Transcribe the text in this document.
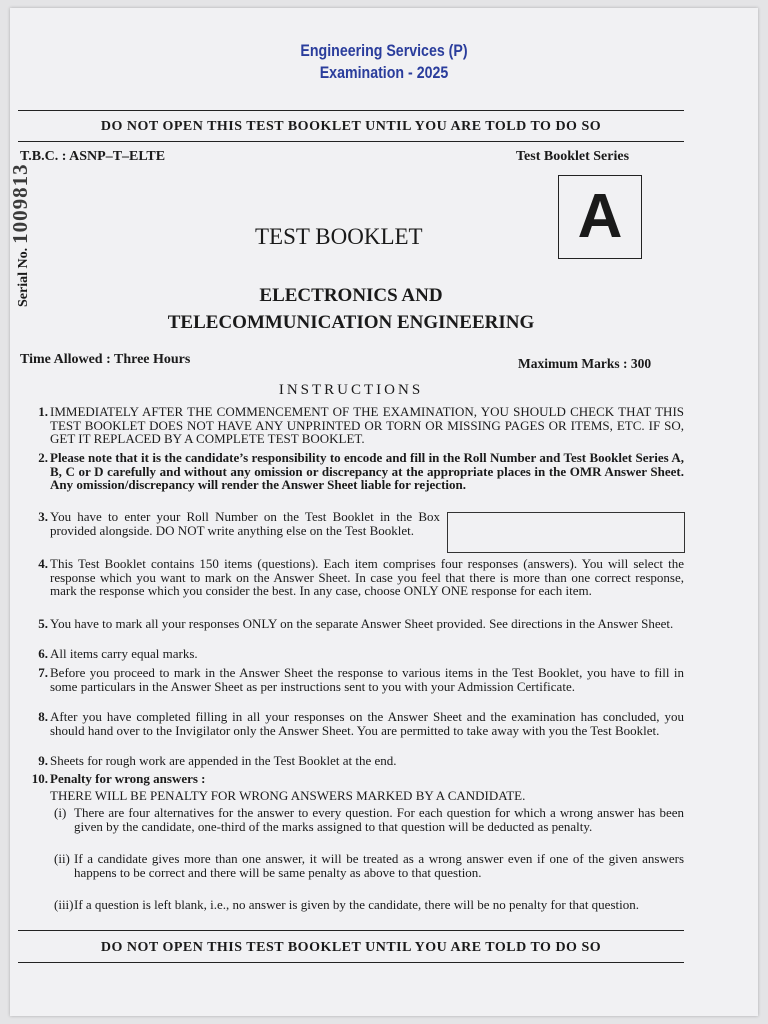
Engineering Services (P)
Examination - 2025
DO NOT OPEN THIS TEST BOOKLET UNTIL YOU ARE TOLD TO DO SO
T.B.C. : ASNP–T–ELTE	Test Booklet Series
A
Serial No. 1009813	TEST BOOKLET
ELECTRONICS AND
TELECOMMUNICATION ENGINEERING
Time Allowed : Three Hours	Maximum Marks : 300
INSTRUCTIONS
1. IMMEDIATELY AFTER THE COMMENCEMENT OF THE EXAMINATION, YOU SHOULD CHECK THAT THIS TEST BOOKLET DOES NOT HAVE ANY UNPRINTED OR TORN OR MISSING PAGES OR ITEMS, ETC. IF SO, GET IT REPLACED BY A COMPLETE TEST BOOKLET.
2. Please note that it is the candidate’s responsibility to encode and fill in the Roll Number and Test Booklet Series A, B, C or D carefully and without any omission or discrepancy at the appropriate places in the OMR Answer Sheet. Any omission/discrepancy will render the Answer Sheet liable for rejection.
3. You have to enter your Roll Number on the Test Booklet in the Box provided alongside. DO NOT write anything else on the Test Booklet.
4. This Test Booklet contains 150 items (questions). Each item comprises four responses (answers). You will select the response which you want to mark on the Answer Sheet. In case you feel that there is more than one correct response, mark the response which you consider the best. In any case, choose ONLY ONE response for each item.
5. You have to mark all your responses ONLY on the separate Answer Sheet provided. See directions in the Answer Sheet.
6. All items carry equal marks.
7. Before you proceed to mark in the Answer Sheet the response to various items in the Test Booklet, you have to fill in some particulars in the Answer Sheet as per instructions sent to you with your Admission Certificate.
8. After you have completed filling in all your responses on the Answer Sheet and the examination has concluded, you should hand over to the Invigilator only the Answer Sheet. You are permitted to take away with you the Test Booklet.
9. Sheets for rough work are appended in the Test Booklet at the end.
10. Penalty for wrong answers :
THERE WILL BE PENALTY FOR WRONG ANSWERS MARKED BY A CANDIDATE.
(i) There are four alternatives for the answer to every question. For each question for which a wrong answer has been given by the candidate, one-third of the marks assigned to that question will be deducted as penalty.
(ii) If a candidate gives more than one answer, it will be treated as a wrong answer even if one of the given answers happens to be correct and there will be same penalty as above to that question.
(iii) If a question is left blank, i.e., no answer is given by the candidate, there will be no penalty for that question.
DO NOT OPEN THIS TEST BOOKLET UNTIL YOU ARE TOLD TO DO SO
